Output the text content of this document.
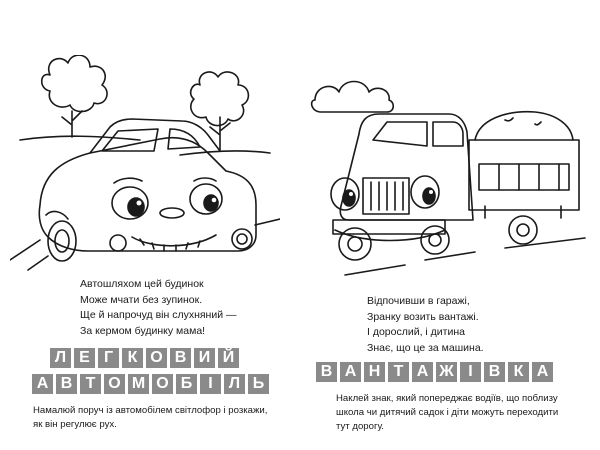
Автошляхом цей будинок
Може мчати без зупинок.
Ще й напрочуд він слухняний —
За кермом будинку мама!
Л Е Г К О В И Й
А В Т О М О Б	І	Л Ь
Намалюй поруч із автомобілем світлофор і розкажи,
як він регулює рух.
Відпочивши в гаражі,
Зранку возить вантажі.
І дорослий, і дитина
Знає, що це за машина.
В А Н Т А Ж І	В К А
Наклей знак, який попереджає водіїв, що поблизу
школа чи дитячий садок і діти можуть переходити
тут дорогу.
